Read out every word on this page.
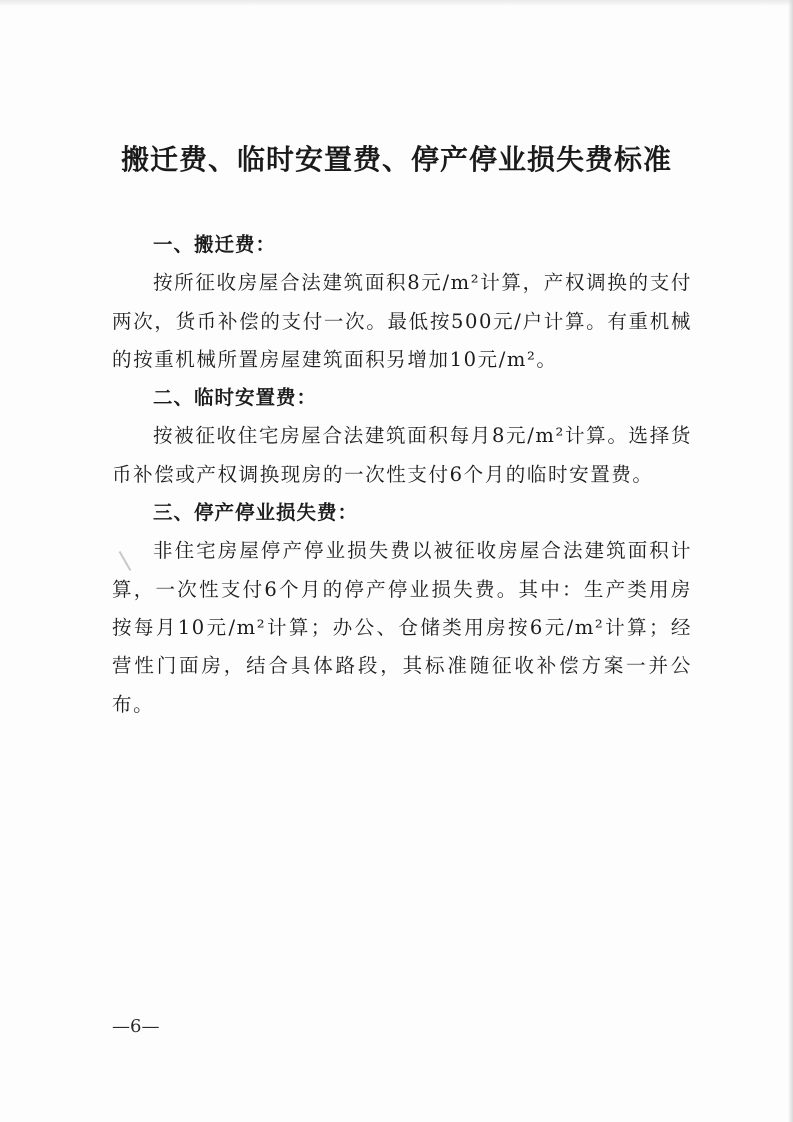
搬迁费、临时安置费、停产停业损失费标准

一、搬迁费：

按所征收房屋合法建筑面积8元/m²计算，产权调换的支付两次，货币补偿的支付一次。最低按500元/户计算。有重机械的按重机械所置房屋建筑面积另增加10元/m²。

二、临时安置费：

按被征收住宅房屋合法建筑面积每月8元/m²计算。选择货币补偿或产权调换现房的一次性支付6个月的临时安置费。

三、停产停业损失费：

非住宅房屋停产停业损失费以被征收房屋合法建筑面积计算，一次性支付6个月的停产停业损失费。其中：生产类用房按每月10元/m²计算；办公、仓储类用房按6元/m²计算；经营性门面房，结合具体路段，其标准随征收补偿方案一并公布。

—6—
